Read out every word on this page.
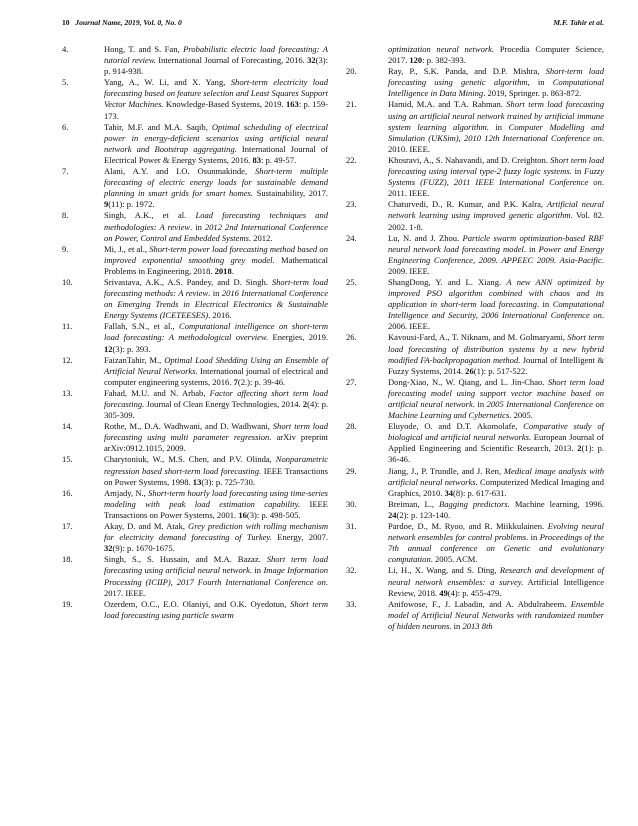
10 Journal Name, 2019, Vol. 0, No. 0	M.F. Tahir et al.
4.	Hong, T. and S. Fan, Probabilistic electric load forecasting: A tutorial review. International Journal of Forecasting, 2016. 32(3): p. 914-938.
5.	Yang, A., W. Li, and X. Yang, Short-term electricity load forecasting based on feature selection and Least Squares Support Vector Machines. Knowledge-Based Systems, 2019. 163: p. 159-173.
6.	Tahir, M.F. and M.A. Saqib, Optimal scheduling of electrical power in energy-deficient scenarios using artificial neural network and Bootstrap aggregating. International Journal of Electrical Power & Energy Systems, 2016. 83: p. 49-57.
7.	Alani, A.Y. and I.O. Osunmakinde, Short-term multiple forecasting of electric energy loads for sustainable demand planning in smart grids for smart homes. Sustainability, 2017. 9(11): p. 1972.
8.	Singh, A.K., et al. Load forecasting techniques and methodologies: A review. in 2012 2nd International Conference on Power, Control and Embedded Systems. 2012.
9.	Mi, J., et al., Short-term power load forecasting method based on improved exponential smoothing grey model. Mathematical Problems in Engineering, 2018. 2018.
10.	Srivastava, A.K., A.S. Pandey, and D. Singh. Short-term load forecasting methods: A review. in 2016 International Conference on Emerging Trends in Electrical Electronics & Sustainable Energy Systems (ICETEESES). 2016.
11.	Fallah, S.N., et al., Computational intelligence on short-term load forecasting: A methodological overview. Energies, 2019. 12(3): p. 393.
12.	FaizanTahir, M., Optimal Load Shedding Using an Ensemble of Artificial Neural Networks. International journal of electrical and computer engineering systems, 2016. 7(2.): p. 39-46.
13.	Fahad, M.U. and N. Arbab, Factor affecting short term load forecasting. Journal of Clean Energy Technologies, 2014. 2(4): p. 305-309.
14.	Rothe, M., D.A. Wadhwani, and D. Wadhwani, Short term load forecasting using multi parameter regression. arXiv preprint arXiv:0912.1015, 2009.
15.	Charytoniuk, W., M.S. Chen, and P.V. Olinda, Nonparametric regression based short-term load forecasting. IEEE Transactions on Power Systems, 1998. 13(3): p. 725-730.
16.	Amjady, N., Short-term hourly load forecasting using time-series modeling with peak load estimation capability. IEEE Transactions on Power Systems, 2001. 16(3): p. 498-505.
17.	Akay, D. and M. Atak, Grey prediction with rolling mechanism for electricity demand forecasting of Turkey. Energy, 2007. 32(9): p. 1670-1675.
18.	Singh, S., S. Hussain, and M.A. Bazaz. Short term load forecasting using artificial neural network. in Image Information Processing (ICIIP), 2017 Fourth International Conference on. 2017. IEEE.
19.	Ozerdem, O.C., E.O. Olaniyi, and O.K. Oyedotun, Short term load forecasting using particle swarm
optimization neural network. Procedia Computer Science, 2017. 120: p. 382-393.
20.	Ray, P., S.K. Panda, and D.P. Mishra, Short-term load forecasting using genetic algorithm, in Computational Intelligence in Data Mining. 2019, Springer. p. 863-872.
21.	Hamid, M.A. and T.A. Rahman. Short term load forecasting using an artificial neural network trained by artificial immune system learning algorithm. in Computer Modelling and Simulation (UKSim), 2010 12th International Conference on. 2010. IEEE.
22.	Khosravi, A., S. Nahavandi, and D. Creighton. Short term load forecasting using interval type-2 fuzzy logic systems. in Fuzzy Systems (FUZZ), 2011 IEEE International Conference on. 2011. IEEE.
23.	Chaturvedi, D., R. Kumar, and P.K. Kalra, Artificial neural network learning using improved genetic algorithm. Vol. 82. 2002. 1-8.
24.	Lu, N. and J. Zhou. Particle swarm optimization-based RBF neural network load forecasting model. in Power and Energy Engineering Conference, 2009. APPEEC 2009. Asia-Pacific. 2009. IEEE.
25.	ShangDong, Y. and L. Xiang. A new ANN optimized by improved PSO algorithm combined with chaos and its application in short-term load forecasting. in Computational Intelligence and Security, 2006 International Conference on. 2006. IEEE.
26.	Kavousi-Fard, A., T. Niknam, and M. Golmaryami, Short term load forecasting of distribution systems by a new hybrid modified FA-backpropagation method. Journal of Intelligent & Fuzzy Systems, 2014. 26(1): p. 517-522.
27.	Dong-Xiao, N., W. Qiang, and L. Jin-Chao. Short term load forecasting model using support vector machine based on artificial neural network. in 2005 International Conference on Machine Learning and Cybernetics. 2005.
28.	Eluyode, O. and D.T. Akomolafe, Comparative study of biological and artificial neural networks. European Journal of Applied Engineering and Scientific Research, 2013. 2(1): p. 36-46.
29.	Jiang, J., P. Trundle, and J. Ren, Medical image analysis with artificial neural networks. Computerized Medical Imaging and Graphics, 2010. 34(8): p. 617-631.
30.	Breiman, L., Bagging predictors. Machine learning, 1996. 24(2): p. 123-140.
31.	Pardoe, D., M. Ryoo, and R. Miikkulainen. Evolving neural network ensembles for control problems. in Proceedings of the 7th annual conference on Genetic and evolutionary computation. 2005. ACM.
32.	Li, H., X. Wang, and S. Ding, Research and development of neural network ensembles: a survey. Artificial Intelligence Review, 2018. 49(4): p. 455-479.
33.	Anifowose, F., J. Labadin, and A. Abdulraheem. Ensemble model of Artificial Neural Networks with randomized number of hidden neurons. in 2013 8th
